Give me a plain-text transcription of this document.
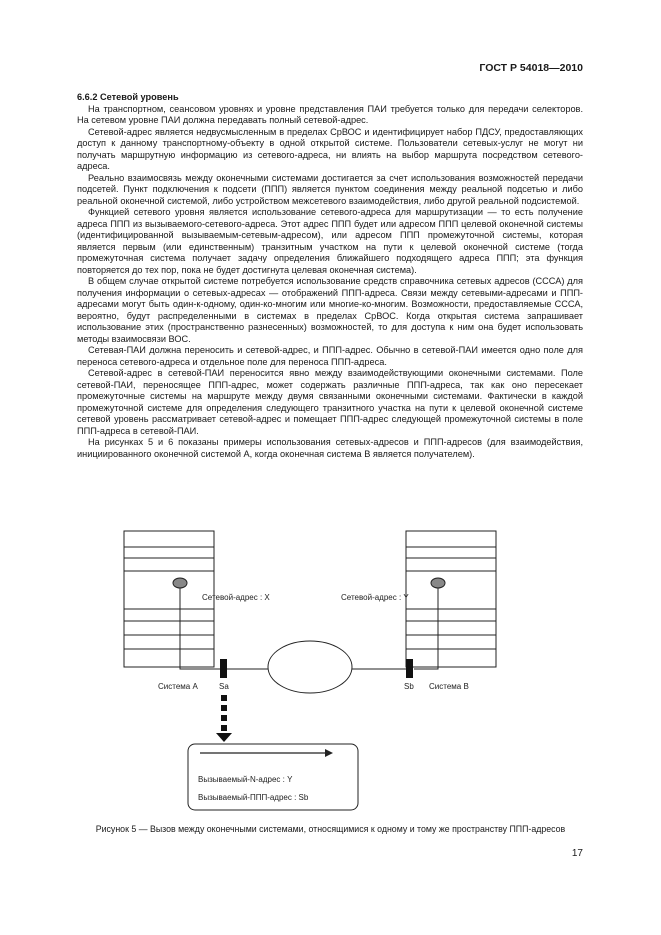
ГОСТ Р 54018—2010
6.6.2 Сетевой уровень

На транспортном, сеансовом уровнях и уровне представления ПАИ требуется только для передачи селекторов. На сетевом уровне ПАИ должна передавать полный сетевой-адрес.

Сетевой-адрес является недвусмысленным в пределах СрВОС и идентифицирует набор ПДСУ, предоставляющих доступ к данному транспортному-объекту в одной открытой системе. Пользователи сетевых-услуг не могут ни получать маршрутную информацию из сетевого-адреса, ни влиять на выбор маршрута посредством сетевого-адреса.

Реально взаимосвязь между оконечными системами достигается за счет использования возможностей передачи подсетей. Пункт подключения к подсети (ППП) является пунктом соединения между реальной подсетью и либо реальной оконечной системой, либо устройством межсетевого взаимодействия, либо другой реальной подсистемой.

Функцией сетевого уровня является использование сетевого-адреса для маршрутизации — то есть получение адреса ППП из вызываемого-сетевого-адреса. Этот адрес ППП будет или адресом ППП целевой оконечной системы (идентифицированной вызываемым-сетевым-адресом), или адресом ППП промежуточной системы, которая является первым (или единственным) транзитным участком на пути к целевой оконечной системе (тогда промежуточная система получает задачу определения ближайшего подходящего адреса ППП; эта функция повторяется до тех пор, пока не будет достигнута целевая оконечная система).

В общем случае открытой системе потребуется использование средств справочника сетевых адресов (СССА) для получения информации о сетевых-адресах — отображений ППП-адреса. Связи между сетевыми-адресами и ППП-адресами могут быть один-к-одному, один-ко-многим или многие-ко-многим. Возможности, предоставляемые СССА, вероятно, будут распределенными в системах в пределах СрВОС. Когда открытая система запрашивает использование этих (пространственно разнесенных) возможностей, то для доступа к ним она будет использовать методы взаимосвязи ВОС.

Сетевая-ПАИ должна переносить и сетевой-адрес, и ППП-адрес. Обычно в сетевой-ПАИ имеется одно поле для переноса сетевого-адреса и отдельное поле для переноса ППП-адреса.

Сетевой-адрес в сетевой-ПАИ переносится явно между взаимодействующими оконечными системами. Поле сетевой-ПАИ, переносящее ППП-адрес, может содержать различные ППП-адреса, так как оно пересекает промежуточные системы на маршруте между двумя связанными оконечными системами. Фактически в каждой промежуточной системе для определения следующего транзитного участка на пути к целевой оконечной системе сетевой уровень рассматривает сетевой-адрес и помещает ППП-адрес следующей промежуточной системы в поле ППП-адреса в сетевой-ПАИ.

На рисунках 5 и 6 показаны примеры использования сетевых-адресов и ППП-адресов (для взаимодействия, инициированного оконечной системой А, когда оконечная система В является получателем).

Сетевой-адрес : X	Сетевой-адрес : Y
Система А	Sa	Sb Система В
Вызываемый-N-адрес : Y
Вызываемый-ППП-адрес : Sb
Рисунок 5 — Вызов между оконечными системами, относящимися к одному и тому же пространству ППП-адресов
17
